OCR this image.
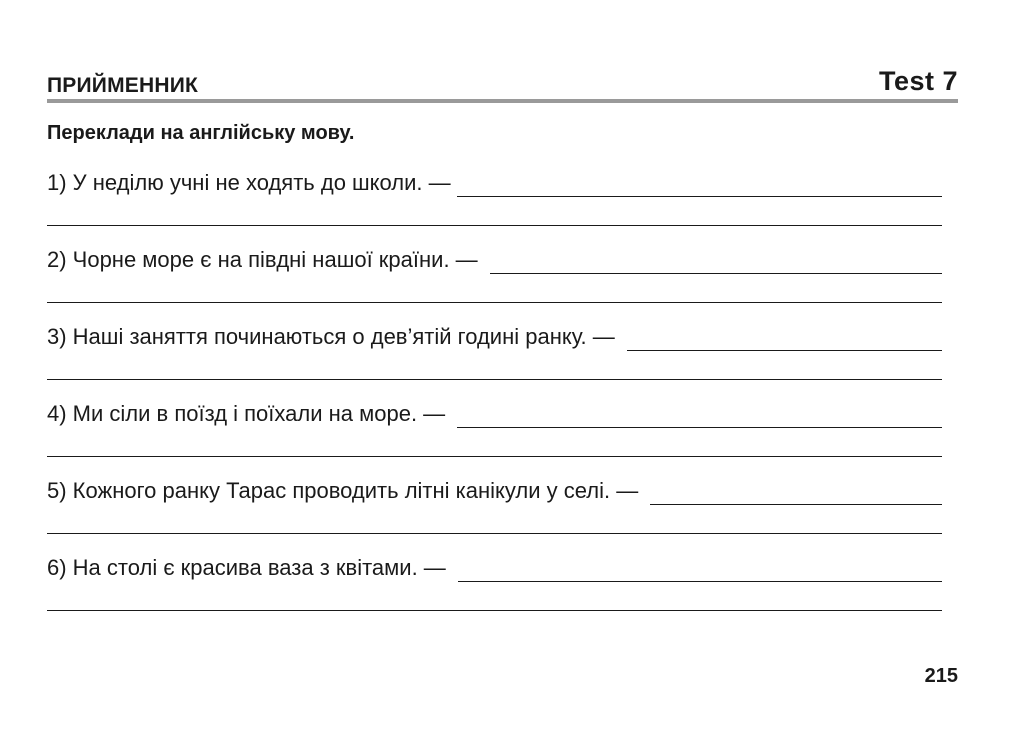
ПРИЙМЕННИК	Test 7
Переклади на англійську мову.
1) У неділю учні не ходять до школи. —
2) Чорне море є на півдні нашої країни. —
3) Наші заняття починаються о дев’ятій годині ранку. —
4) Ми сіли в поїзд і поїхали на море. —
5) Кожного ранку Тарас проводить літні канікули у селі. —
6) На столі є красива ваза з квітами. —
215
